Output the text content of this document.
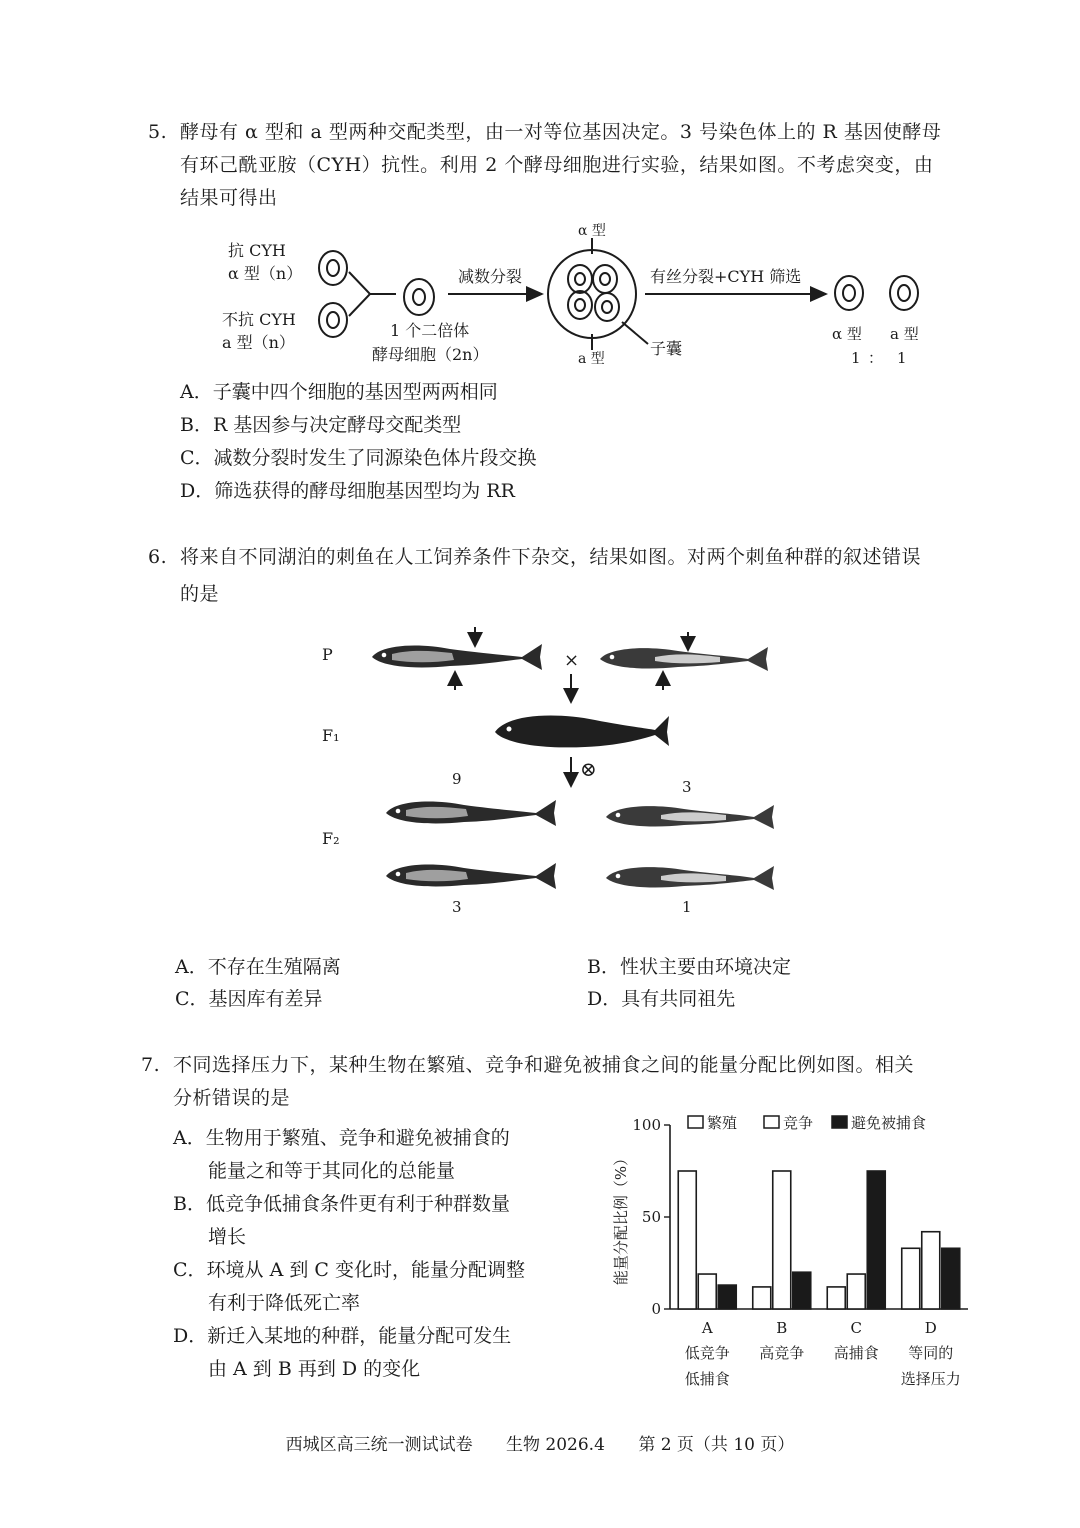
5. 酵母有 α 型和 a 型两种交配类型，由一对等位基因决定。3 号染色体上的 R 基因使酵母
有环己酰亚胺（CYH）抗性。利用 2 个酵母细胞进行实验，结果如图。不考虑突变，由
结果可得出
抗 CYH
α 型（n）
不抗 CYH
a 型（n）
1 个二倍体
酵母细胞（2n）
减数分裂
α 型
a 型
子囊
有丝分裂+CYH 筛选
α 型 a 型
1 ： 1
A．子囊中四个细胞的基因型两两相同
B．R 基因参与决定酵母交配类型
C．减数分裂时发生了同源染色体片段交换
D．筛选获得的酵母细胞基因型均为 RR
6. 将来自不同湖泊的刺鱼在人工饲养条件下杂交，结果如图。对两个刺鱼种群的叙述错误
的是
P	×
F₁
⊗
F₂
9	3
3	1
A．不存在生殖隔离	B．性状主要由环境决定
C．基因库有差异	D．具有共同祖先
7. 不同选择压力下，某种生物在繁殖、竞争和避免被捕食之间的能量分配比例如图。相关
分析错误的是
A．生物用于繁殖、竞争和避免被捕食的
能量之和等于其同化的总能量
B．低竞争低捕食条件更有利于种群数量
增长
C．环境从 A 到 C 变化时，能量分配调整
有利于降低死亡率
D．新迁入某地的种群，能量分配可发生
由 A 到 B 再到 D 的变化
能量分配比例（%）
0
50
100
A
低竞争
低捕食
B
高竞争
C
高捕食
D
等同的
选择压力
繁殖	竞争	避免被捕食
西城区高三统一测试试卷 生物 2026.4 第 2 页（共 10 页）
